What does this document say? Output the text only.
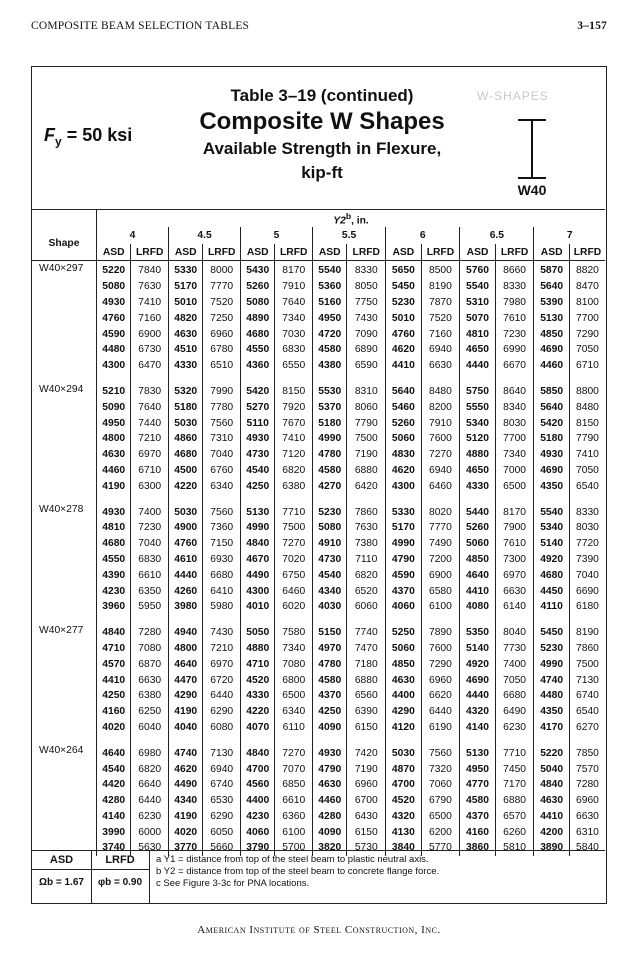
COMPOSITE BEAM SELECTION TABLES	3–157
$F_y = 50$ ksi
W-SHAPES
Table 3–19 (continued)
Composite W Shapes
Available Strength in Flexure,
kip-ft
W40
	Y2$^b$, in.													
Shape	4		4.5		5		5.5		6		6.5		7	
	ASD	LRFD	ASD	LRFD	ASD	LRFD	ASD	LRFD	ASD	LRFD	ASD	LRFD	ASD	LRFD
W40×297	5220	7840	5330	8000	5430	8170	5540	8330	5650	8500	5760	8660	5870	8820
	5080	7630	5170	7770	5260	7910	5360	8050	5450	8190	5540	8330	5640	8470
	4930	7410	5010	7520	5080	7640	5160	7750	5230	7870	5310	7980	5390	8100
	4760	7160	4820	7250	4890	7340	4950	7430	5010	7520	5070	7610	5130	7700
	4590	6900	4630	6960	4680	7030	4720	7090	4760	7160	4810	7230	4850	7290
	4480	6730	4510	6780	4550	6830	4580	6890	4620	6940	4650	6990	4690	7050
	4300	6470	4330	6510	4360	6550	4380	6590	4410	6630	4440	6670	4460	6710

W40×294	5210	7830	5320	7990	5420	8150	5530	8310	5640	8480	5750	8640	5850	8800
	5090	7640	5180	7780	5270	7920	5370	8060	5460	8200	5550	8340	5640	8480
	4950	7440	5030	7560	5110	7670	5180	7790	5260	7910	5340	8030	5420	8150
	4800	7210	4860	7310	4930	7410	4990	7500	5060	7600	5120	7700	5180	7790
	4630	6970	4680	7040	4730	7120	4780	7190	4830	7270	4880	7340	4930	7410
	4460	6710	4500	6760	4540	6820	4580	6880	4620	6940	4650	7000	4690	7050
	4190	6300	4220	6340	4250	6380	4270	6420	4300	6460	4330	6500	4350	6540

W40×278	4930	7400	5030	7560	5130	7710	5230	7860	5330	8020	5440	8170	5540	8330
	4810	7230	4900	7360	4990	7500	5080	7630	5170	7770	5260	7900	5340	8030
	4680	7040	4760	7150	4840	7270	4910	7380	4990	7490	5060	7610	5140	7720
	4550	6830	4610	6930	4670	7020	4730	7110	4790	7200	4850	7300	4920	7390
	4390	6610	4440	6680	4490	6750	4540	6820	4590	6900	4640	6970	4680	7040
	4230	6350	4260	6410	4300	6460	4340	6520	4370	6580	4410	6630	4450	6690
	3960	5950	3980	5980	4010	6020	4030	6060	4060	6100	4080	6140	4110	6180

W40×277	4840	7280	4940	7430	5050	7580	5150	7740	5250	7890	5350	8040	5450	8190
	4710	7080	4800	7210	4880	7340	4970	7470	5060	7600	5140	7730	5230	7860
	4570	6870	4640	6970	4710	7080	4780	7180	4850	7290	4920	7400	4990	7500
	4410	6630	4470	6720	4520	6800	4580	6880	4630	6960	4690	7050	4740	7130
	4250	6380	4290	6440	4330	6500	4370	6560	4400	6620	4440	6680	4480	6740
	4160	6250	4190	6290	4220	6340	4250	6390	4290	6440	4320	6490	4350	6540
	4020	6040	4040	6080	4070	6110	4090	6150	4120	6190	4140	6230	4170	6270

W40×264	4640	6980	4740	7130	4840	7270	4930	7420	5030	7560	5130	7710	5220	7850
	4540	6820	4620	6940	4700	7070	4790	7190	4870	7320	4950	7450	5040	7570
	4420	6640	4490	6740	4560	6850	4630	6960	4700	7060	4770	7170	4840	7280
	4280	6440	4340	6530	4400	6610	4460	6700	4520	6790	4580	6880	4630	6960
	4140	6230	4190	6290	4230	6360	4280	6430	4320	6500	4370	6570	4410	6630
	3990	6000	4020	6050	4060	6100	4090	6150	4130	6200	4160	6260	4200	6310
	3740	5630	3770	5660	3790	5700	3820	5730	3840	5770	3860	5810	3890	5840
ASD
Ωb = 1.67
LRFD
φb = 0.90
a Y1 = distance from top of the steel beam to plastic neutral axis.
b Y2 = distance from top of the steel beam to concrete flange force.
c See Figure 3-3c for PNA locations.
American Institute of Steel Construction, Inc.
